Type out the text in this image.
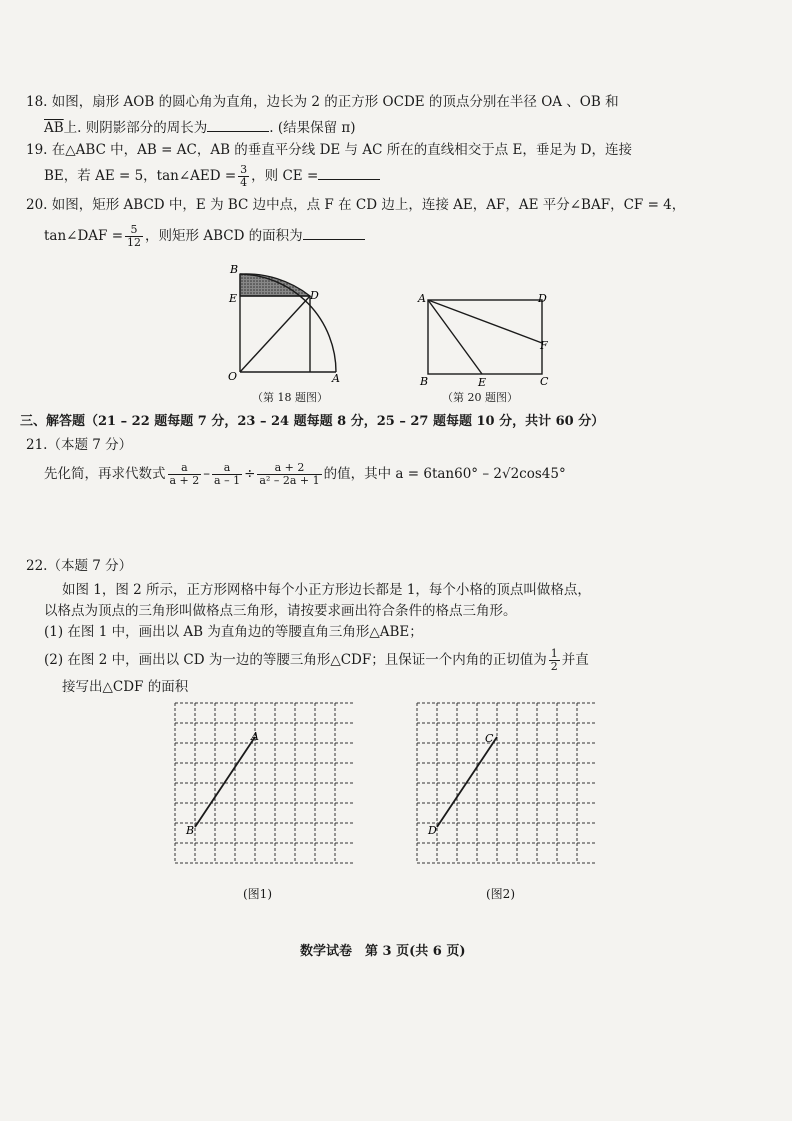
18. 如图，扇形 AOB 的圆心角为直角，边长为 2 的正方形 OCDE 的顶点分别在半径 OA 、OB 和
$\overline{AB}$上. 则阴影部分的周长为	. (结果保留 π)
19. 在△ABC 中，AB = AC，AB 的垂直平分线 DE 与 AC 所在的直线相交于点 E，垂足为 D，连接
BE，若 AE = 5，tan∠AED = $\frac{3}{4}$ ，则 CE =
20. 如图，矩形 ABCD 中，E 为 BC 边中点，点 F 在 CD 边上，连接 AE，AF，AE 平分∠BAF，CF = 4，
tan∠DAF = $\frac{5}{12}$ ，则矩形 ABCD 的面积为
B
E	D
O	A
（第 18 题图）
A	D
F
B	E	C
（第 20 题图）
三、解答题（21 – 22 题每题 7 分，23 – 24 题每题 8 分，25 – 27 题每题 10 分，共计 60 分）
21.（本题 7 分）
先化简，再求代数式 $\frac{a}{a + 2} - \frac{a}{a - 1} \div \frac{a + 2}{\text{a² – 2a + 1}}$ 的值，其中 a = 6tan60° – 2√2cos45°
22.（本题 7 分）
如图 1，图 2 所示，正方形网格中每个小正方形边长都是 1，每个小格的顶点叫做格点，
以格点为顶点的三角形叫做格点三角形，请按要求画出符合条件的格点三角形。
(1) 在图 1 中，画出以 AB 为直角边的等腰直角三角形△ABE；
(2) 在图 2 中，画出以 CD 为一边的等腰三角形△CDF；且保证一个内角的正切值为 $\frac{1}{2}$ 并直
接写出△CDF 的面积
A
B
(图1)
C
D
(图2)
数学试卷　第 3 页(共 6 页)
